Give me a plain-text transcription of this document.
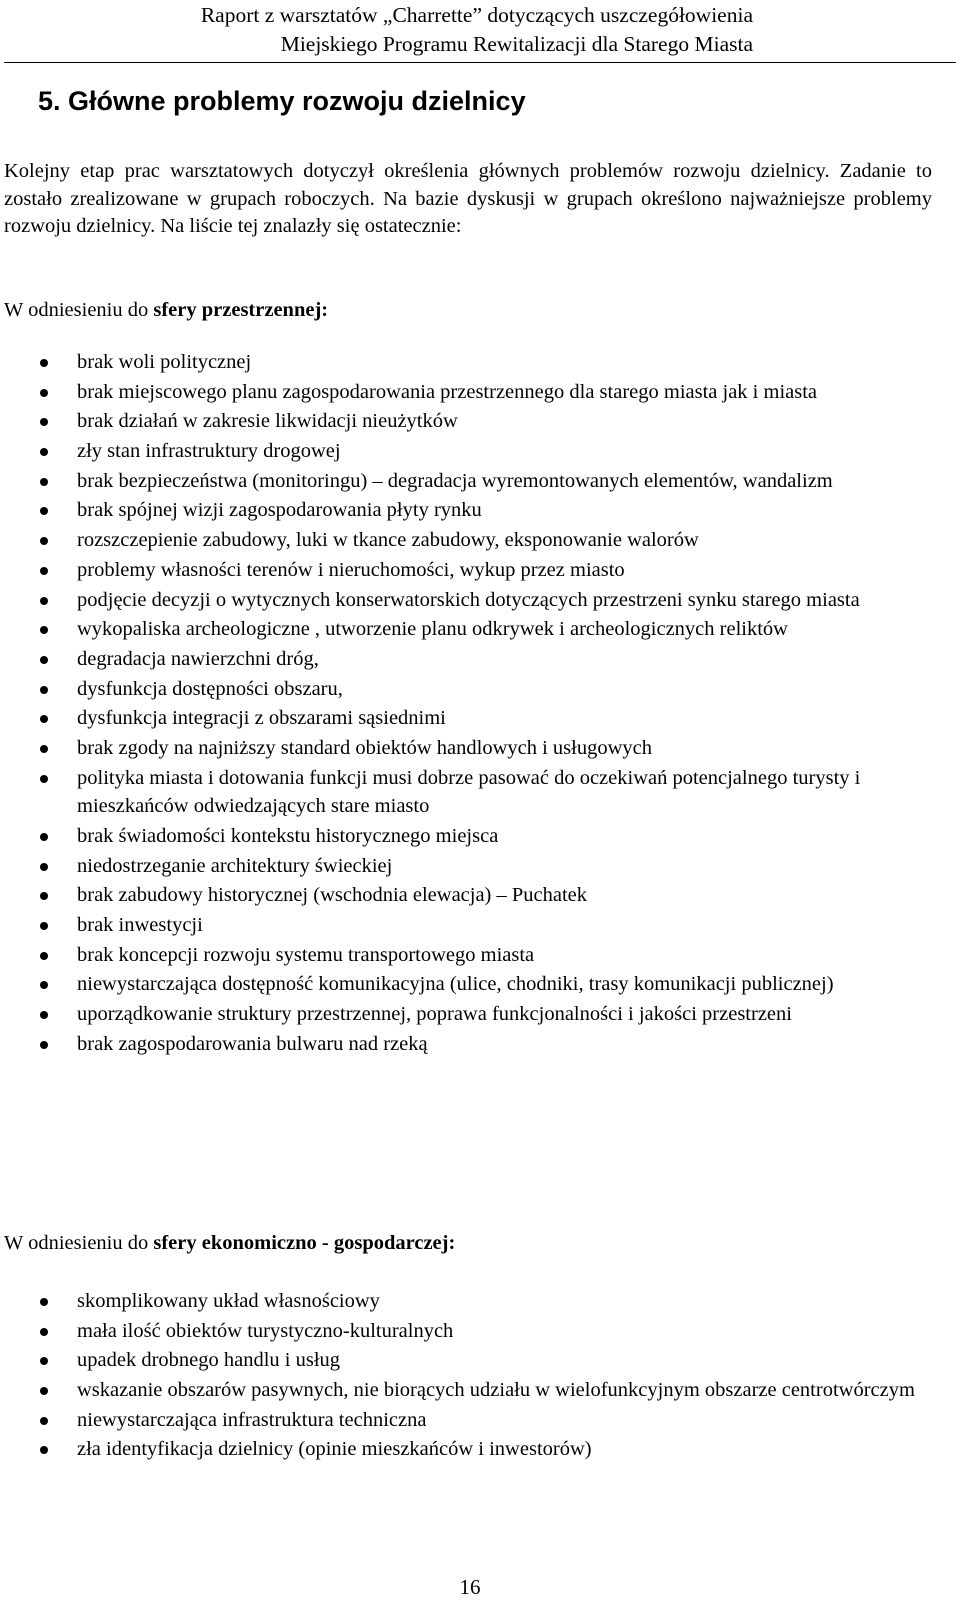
Raport z warsztatów „Charrette” dotyczących uszczegółowienia
Miejskiego Programu Rewitalizacji dla Starego Miasta
5. Główne problemy rozwoju dzielnicy

Kolejny etap prac warsztatowych dotyczył określenia głównych problemów rozwoju dzielnicy. Zadanie to zostało zrealizowane w grupach roboczych. Na bazie dyskusji w grupach określono najważniejsze problemy rozwoju dzielnicy. Na liście tej znalazły się ostatecznie:

W odniesieniu do sfery przestrzennej:

brak woli politycznej
brak miejscowego planu zagospodarowania przestrzennego dla starego miasta jak i miasta
brak działań w zakresie likwidacji nieużytków
zły stan infrastruktury drogowej
brak bezpieczeństwa (monitoringu) – degradacja wyremontowanych elementów, wandalizm
brak spójnej wizji zagospodarowania płyty rynku
rozszczepienie zabudowy, luki w tkance zabudowy, eksponowanie walorów
problemy własności terenów i nieruchomości, wykup przez miasto
podjęcie decyzji o wytycznych konserwatorskich dotyczących przestrzeni synku starego miasta
wykopaliska archeologiczne , utworzenie planu odkrywek i archeologicznych reliktów
degradacja nawierzchni dróg,
dysfunkcja dostępności obszaru,
dysfunkcja integracji z obszarami sąsiednimi
brak zgody na najniższy standard obiektów handlowych i usługowych
polityka miasta i dotowania funkcji musi dobrze pasować do oczekiwań potencjalnego turysty i mieszkańców odwiedzających stare miasto
brak świadomości kontekstu historycznego miejsca
niedostrzeganie architektury świeckiej
brak zabudowy historycznej (wschodnia elewacja) – Puchatek
brak inwestycji
brak koncepcji rozwoju systemu transportowego miasta
niewystarczająca dostępność komunikacyjna (ulice, chodniki, trasy komunikacji publicznej)
uporządkowanie struktury przestrzennej, poprawa funkcjonalności i jakości przestrzeni
brak zagospodarowania bulwaru nad rzeką

W odniesieniu do sfery ekonomiczno - gospodarczej:

skomplikowany układ własnościowy
mała ilość obiektów turystyczno-kulturalnych
upadek drobnego handlu i usług
wskazanie obszarów pasywnych, nie biorących udziału w wielofunkcyjnym obszarze centrotwórczym
niewystarczająca infrastruktura techniczna
zła identyfikacja dzielnicy (opinie mieszkańców i inwestorów)
16
